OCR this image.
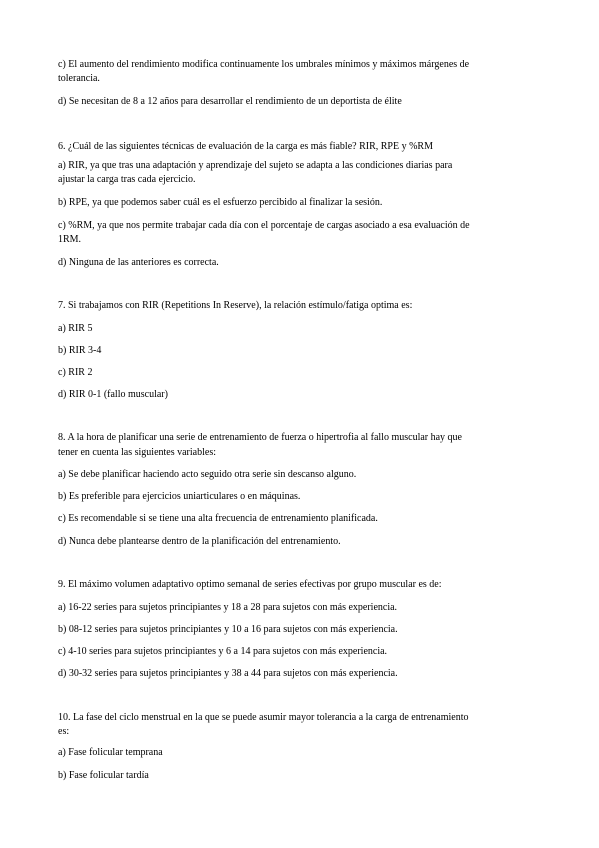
c) El aumento del rendimiento modifica continuamente los umbrales mínimos y máximos márgenes de

tolerancia.

d) Se necesitan de 8 a 12 años para desarrollar el rendimiento de un deportista de élite

6. ¿Cuál de las siguientes técnicas de evaluación de la carga es más fiable? RIR, RPE y %RM

a) RIR, ya que tras una adaptación y aprendizaje del sujeto se adapta a las condiciones diarias para

ajustar la carga tras cada ejercicio.

b) RPE, ya que podemos saber cuál es el esfuerzo percibido al finalizar la sesión.

c) %RM, ya que nos permite trabajar cada día con el porcentaje de cargas asociado a esa evaluación de

1RM.

d) Ninguna de las anteriores es correcta.

7. Si trabajamos con RIR (Repetitions In Reserve), la relación estímulo/fatiga optima es:

a) RIR 5

b) RIR 3-4

c) RIR 2

d) RIR 0-1 (fallo muscular)

8. A la hora de planificar una serie de entrenamiento de fuerza o hipertrofia al fallo muscular hay que

tener en cuenta las siguientes variables:

a) Se debe planificar haciendo acto seguido otra serie sin descanso alguno.

b) Es preferible para ejercicios uniarticulares o en máquinas.

c) Es recomendable si se tiene una alta frecuencia de entrenamiento planificada.

d) Nunca debe plantearse dentro de la planificación del entrenamiento.

9. El máximo volumen adaptativo optimo semanal de series efectivas por grupo muscular es de:

a) 16-22 series para sujetos principiantes y 18 a 28 para sujetos con más experiencia.

b) 08-12 series para sujetos principiantes y 10 a 16 para sujetos con más experiencia.

c) 4-10 series para sujetos principiantes y 6 a 14 para sujetos con más experiencia.

d) 30-32 series para sujetos principiantes y 38 a 44 para sujetos con más experiencia.

10. La fase del ciclo menstrual en la que se puede asumir mayor tolerancia a la carga de entrenamiento

es:

a) Fase folicular temprana

b) Fase folicular tardía
